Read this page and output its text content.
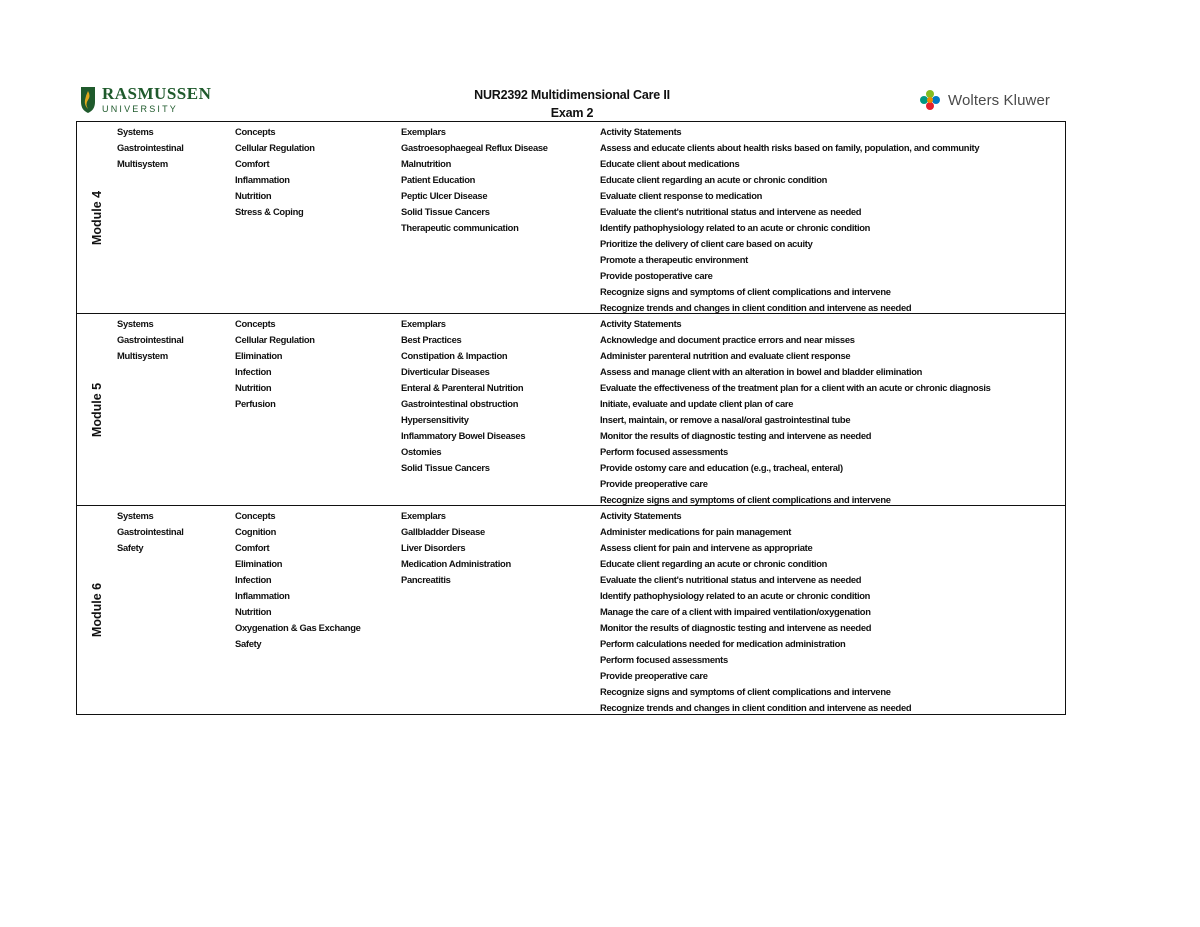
RASMUSSEN
UNIVERSITY
NUR2392 Multidimensional Care II
Exam 2
Wolters Kluwer
Module 4
Systems
Gastrointestinal
Multisystem
Concepts
Cellular Regulation
Comfort
Inflammation
Nutrition
Stress & Coping
Exemplars
Gastroesophaegeal Reflux Disease
Malnutrition
Patient Education
Peptic Ulcer Disease
Solid Tissue Cancers
Therapeutic communication
Activity Statements
Assess and educate clients about health risks based on family, population, and community
Educate client about medications
Educate client regarding an acute or chronic condition
Evaluate client response to medication
Evaluate the client's nutritional status and intervene as needed
Identify pathophysiology related to an acute or chronic condition
Prioritize the delivery of client care based on acuity
Promote a therapeutic environment
Provide postoperative care
Recognize signs and symptoms of client complications and intervene
Recognize trends and changes in client condition and intervene as needed
Module 5
Systems
Gastrointestinal
Multisystem
Concepts
Cellular Regulation
Elimination
Infection
Nutrition
Perfusion
Exemplars
Best Practices
Constipation & Impaction
Diverticular Diseases
Enteral & Parenteral Nutrition
Gastrointestinal obstruction
Hypersensitivity
Inflammatory Bowel Diseases
Ostomies
Solid Tissue Cancers
Activity Statements
Acknowledge and document practice errors and near misses
Administer parenteral nutrition and evaluate client response
Assess and manage client with an alteration in bowel and bladder elimination
Evaluate the effectiveness of the treatment plan for a client with an acute or chronic diagnosis
Initiate, evaluate and update client plan of care
Insert, maintain, or remove a nasal/oral gastrointestinal tube
Monitor the results of diagnostic testing and intervene as needed
Perform focused assessments
Provide ostomy care and education (e.g., tracheal, enteral)
Provide preoperative care
Recognize signs and symptoms of client complications and intervene
Module 6
Systems
Gastrointestinal
Safety
Concepts
Cognition
Comfort
Elimination
Infection
Inflammation
Nutrition
Oxygenation & Gas Exchange
Safety
Exemplars
Gallbladder Disease
Liver Disorders
Medication Administration
Pancreatitis
Activity Statements
Administer medications for pain management
Assess client for pain and intervene as appropriate
Educate client regarding an acute or chronic condition
Evaluate the client's nutritional status and intervene as needed
Identify pathophysiology related to an acute or chronic condition
Manage the care of a client with impaired ventilation/oxygenation
Monitor the results of diagnostic testing and intervene as needed
Perform calculations needed for medication administration
Perform focused assessments
Provide preoperative care
Recognize signs and symptoms of client complications and intervene
Recognize trends and changes in client condition and intervene as needed
